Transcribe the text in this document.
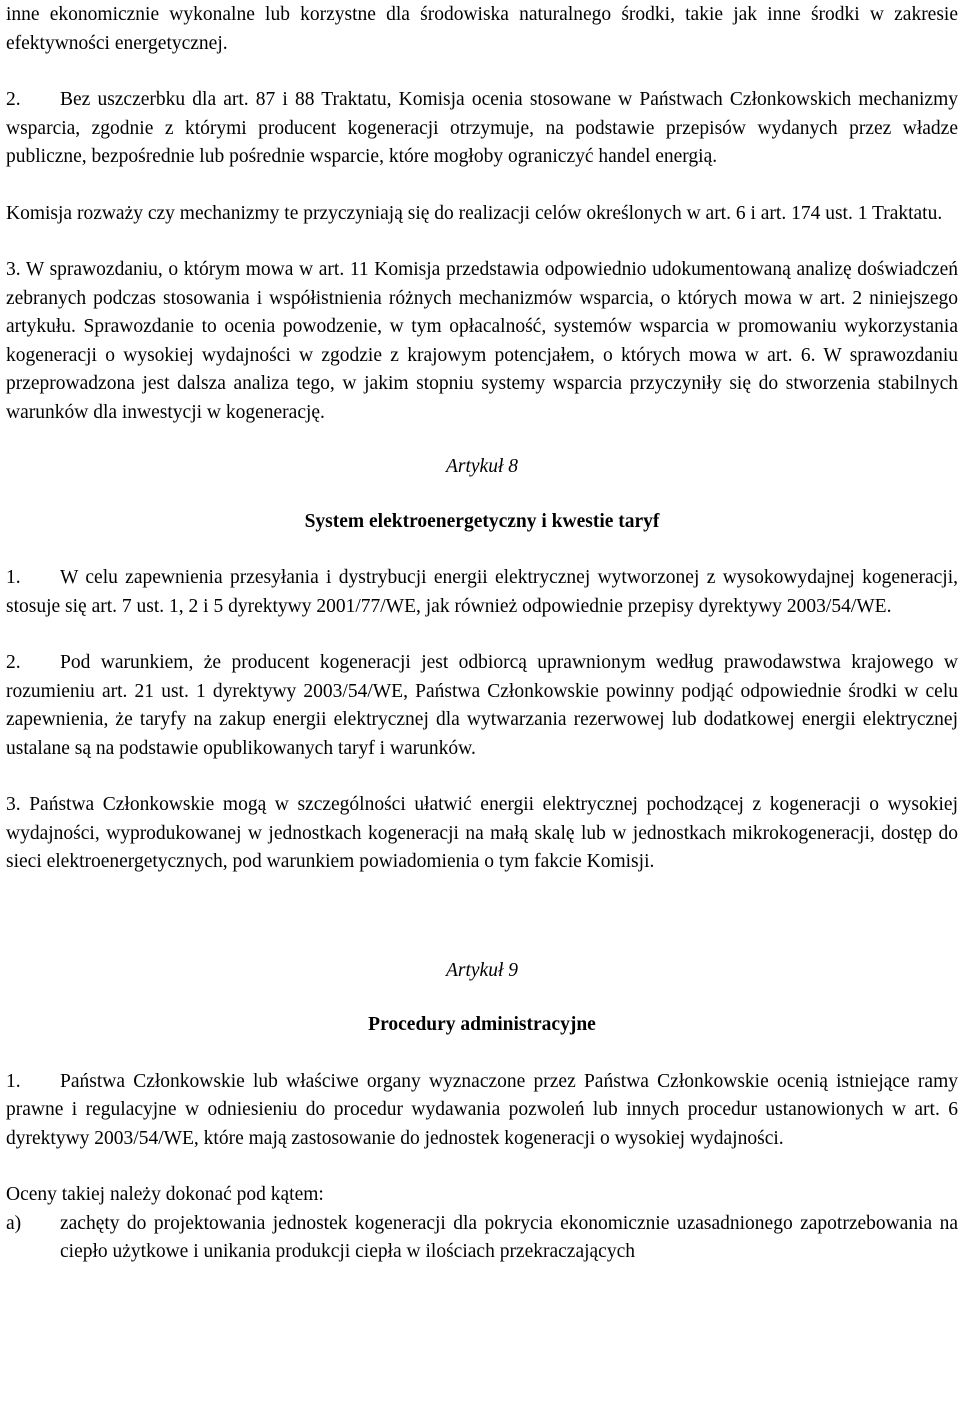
inne ekonomicznie wykonalne lub korzystne dla środowiska naturalnego środki, takie jak inne środki w zakresie efektywności energetycznej.

2. Bez uszczerbku dla art. 87 i 88 Traktatu, Komisja ocenia stosowane w Państwach Członkowskich mechanizmy wsparcia, zgodnie z którymi producent kogeneracji otrzymuje, na podstawie przepisów wydanych przez władze publiczne, bezpośrednie lub pośrednie wsparcie, które mogłoby ograniczyć handel energią.

Komisja rozważy czy mechanizmy te przyczyniają się do realizacji celów określonych w art. 6 i art. 174 ust. 1 Traktatu.

3. W sprawozdaniu, o którym mowa w art. 11 Komisja przedstawia odpowiednio udokumentowaną analizę doświadczeń zebranych podczas stosowania i współistnienia różnych mechanizmów wsparcia, o których mowa w art. 2 niniejszego artykułu. Sprawozdanie to ocenia powodzenie, w tym opłacalność, systemów wsparcia w promowaniu wykorzystania kogeneracji o wysokiej wydajności w zgodzie z krajowym potencjałem, o których mowa w art. 6. W sprawozdaniu przeprowadzona jest dalsza analiza tego, w jakim stopniu systemy wsparcia przyczyniły się do stworzenia stabilnych warunków dla inwestycji w kogenerację.

Artykuł 8

System elektroenergetyczny i kwestie taryf

1. W celu zapewnienia przesyłania i dystrybucji energii elektrycznej wytworzonej z wysokowydajnej kogeneracji, stosuje się art. 7 ust. 1, 2 i 5 dyrektywy 2001/77/WE, jak również odpowiednie przepisy dyrektywy 2003/54/WE.

2. Pod warunkiem, że producent kogeneracji jest odbiorcą uprawnionym według prawodawstwa krajowego w rozumieniu art. 21 ust. 1 dyrektywy 2003/54/WE, Państwa Członkowskie powinny podjąć odpowiednie środki w celu zapewnienia, że taryfy na zakup energii elektrycznej dla wytwarzania rezerwowej lub dodatkowej energii elektrycznej ustalane są na podstawie opublikowanych taryf i warunków.

3. Państwa Członkowskie mogą w szczególności ułatwić energii elektrycznej pochodzącej z kogeneracji o wysokiej wydajności, wyprodukowanej w jednostkach kogeneracji na małą skalę lub w jednostkach mikrokogeneracji, dostęp do sieci elektroenergetycznych, pod warunkiem powiadomienia o tym fakcie Komisji.

Artykuł 9

Procedury administracyjne

1. Państwa Członkowskie lub właściwe organy wyznaczone przez Państwa Członkowskie ocenią istniejące ramy prawne i regulacyjne w odniesieniu do procedur wydawania pozwoleń lub innych procedur ustanowionych w art. 6 dyrektywy 2003/54/WE, które mają zastosowanie do jednostek kogeneracji o wysokiej wydajności.

Oceny takiej należy dokonać pod kątem:

a)	zachęty do projektowania jednostek kogeneracji dla pokrycia ekonomicznie uzasadnionego zapotrzebowania na ciepło użytkowe i unikania produkcji ciepła w ilościach przekraczających
